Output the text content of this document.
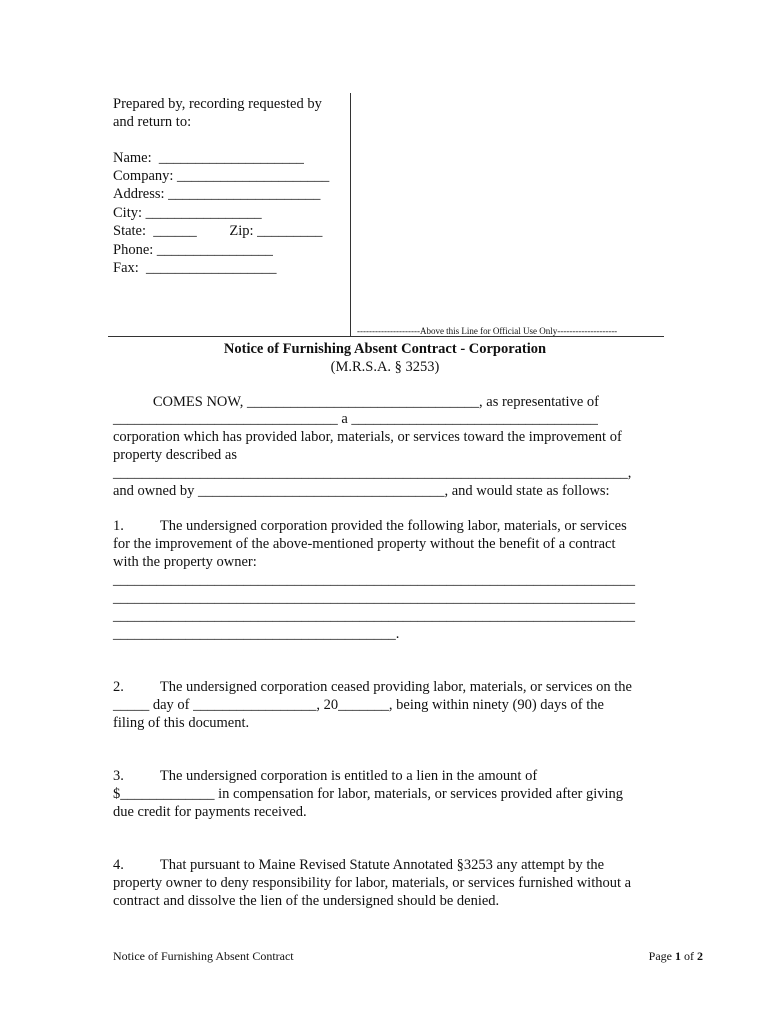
Prepared by, recording requested by
and return to:
Name:  ____________________
Company: _____________________
Address: _____________________
City: ________________
State:  ______         Zip: _________
Phone: ________________
Fax:  __________________
---------------------Above this Line for Official Use Only--------------------
Notice of Furnishing Absent Contract - Corporation
(M.R.S.A. § 3253)
COMES NOW, ________________________________, as representative of
_______________________________ a __________________________________
corporation which has provided labor, materials, or services toward the improvement of
property described as
_______________________________________________________________________,
and owned by __________________________________, and would state as follows:
1.          The undersigned corporation provided the following labor, materials, or services
for the improvement of the above-mentioned property without the benefit of a contract
with the property owner:
________________________________________________________________________
________________________________________________________________________
________________________________________________________________________
_______________________________________.
2.          The undersigned corporation ceased providing labor, materials, or services on the
_____ day of _________________, 20_______, being within ninety (90) days of the
filing of this document.
3.          The undersigned corporation is entitled to a lien in the amount of
$_____________ in compensation for labor, materials, or services provided after giving
due credit for payments received.
4.          That pursuant to Maine Revised Statute Annotated §3253 any attempt by the
property owner to deny responsibility for labor, materials, or services furnished without a
contract and dissolve the lien of the undersigned should be denied.
Notice of Furnishing Absent Contract	Page 1 of 2
